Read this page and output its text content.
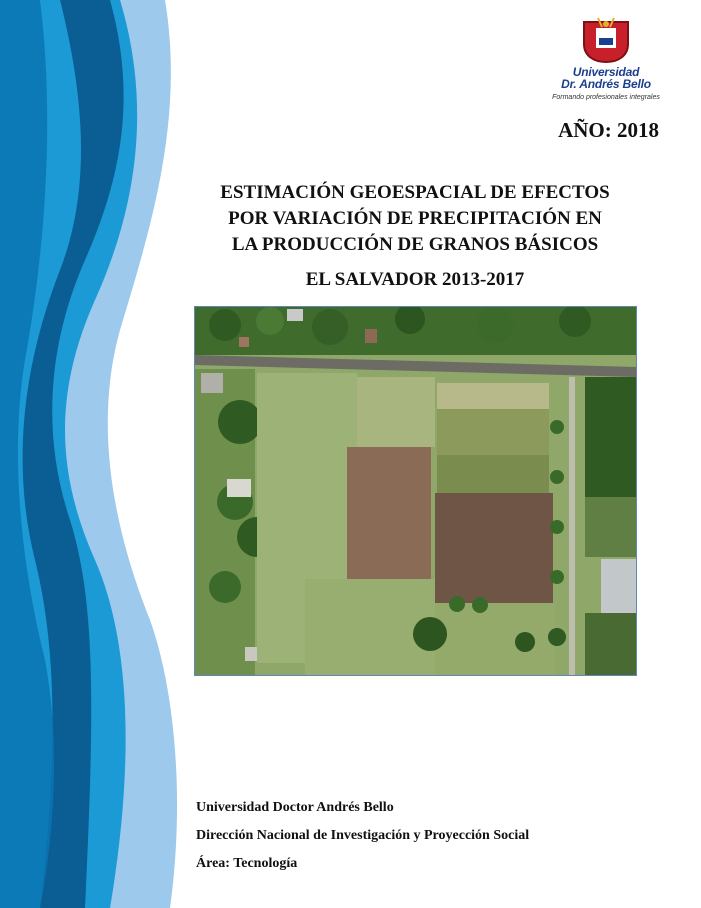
Universidad
Dr. Andrés Bello
Formando profesionales integrales
AÑO: 2018
ESTIMACIÓN GEOESPACIAL DE EFECTOS
POR VARIACIÓN DE PRECIPITACIÓN EN
LA PRODUCCIÓN DE GRANOS BÁSICOS
EL SALVADOR 2013-2017
Universidad Doctor Andrés Bello
Dirección Nacional de Investigación y Proyección Social
Área: Tecnología
